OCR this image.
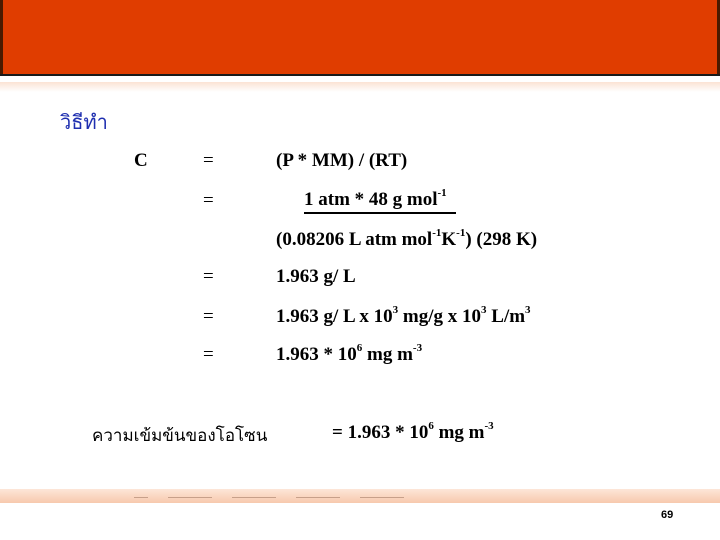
วิธีทำ
C	=	(P * MM) / (RT)
=	1 atm * 48 g mol$^{-1}$
(0.08206 L atm $mol^{-1}K^{-1}$) (298 K)
=	1.963 g/ L
=	1.963 g/ L x $10^3$ mg/g x $10^3$ $L/m^3$
=	$1.963 * 10^6$ mg $m^{-3}$
ความเข้มข้นของโอโซน	= $1.963 * 10^6$ mg $m^{-3}$
69
